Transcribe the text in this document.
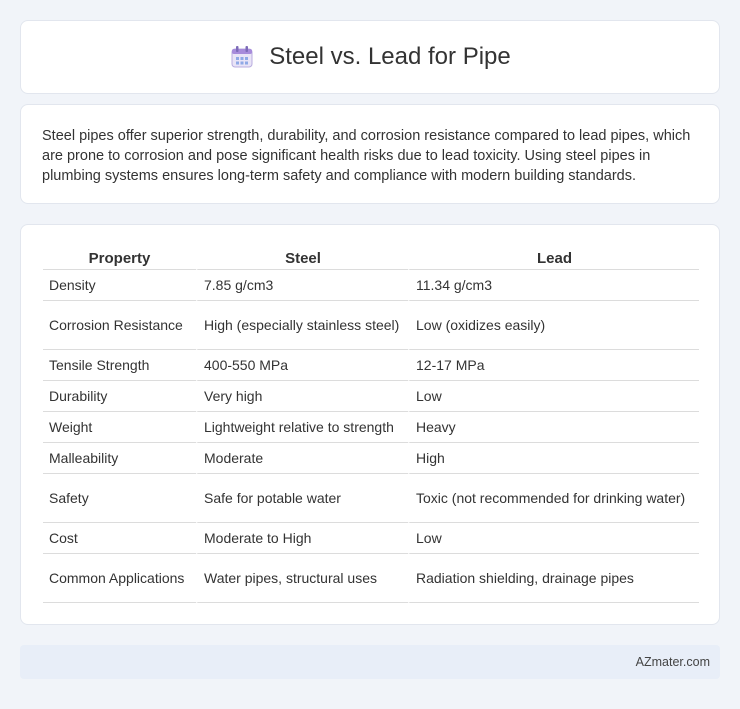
Steel vs. Lead for Pipe

Steel pipes offer superior strength, durability, and corrosion resistance compared to lead pipes, which are prone to corrosion and pose significant health risks due to lead toxicity. Using steel pipes in plumbing systems ensures long-term safety and compliance with modern building standards.

Property	Steel	Lead
Density	7.85 g/cm3	11.34 g/cm3
Corrosion Resistance	High (especially stainless steel)	Low (oxidizes easily)
Tensile Strength	400-550 MPa	12-17 MPa
Durability	Very high	Low
Weight	Lightweight relative to strength	Heavy
Malleability	Moderate	High
Safety	Safe for potable water	Toxic (not recommended for drinking water)
Cost	Moderate to High	Low
Common Applications	Water pipes, structural uses	Radiation shielding, drainage pipes
AZmater.com
